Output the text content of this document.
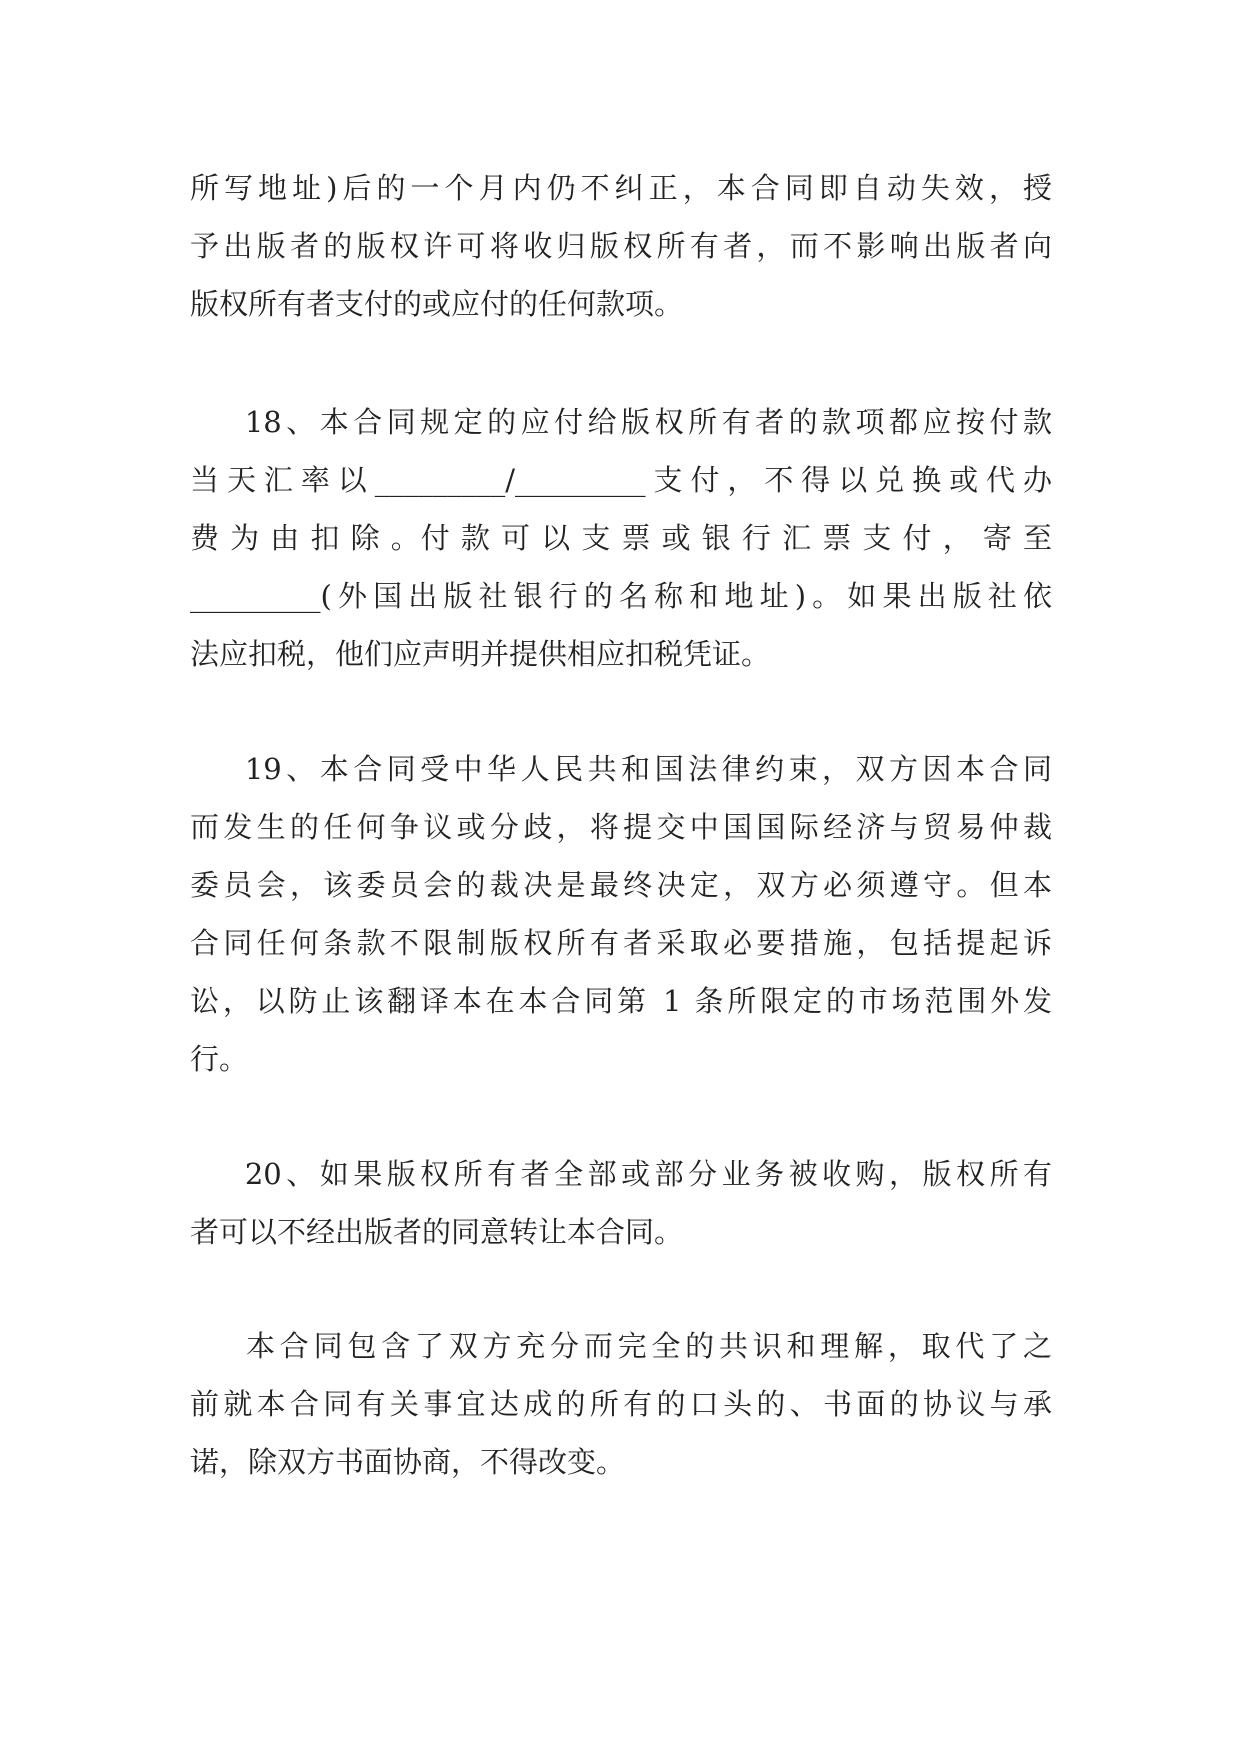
所写地址)后的一个月内仍不纠正，本合同即自动失效，授
予出版者的版权许可将收归版权所有者，而不影响出版者向
版权所有者支付的或应付的任何款项。
18、本合同规定的应付给版权所有者的款项都应按付款
当天汇率以_________/_________支付，不得以兑换或代办
费 为 由 扣 除 。付 款 可 以 支 票 或 银 行 汇 票 支 付 ， 寄 至
_________(外国出版社银行的名称和地址)。如果出版社依
法应扣税，他们应声明并提供相应扣税凭证。
19、本合同受中华人民共和国法律约束，双方因本合同
而发生的任何争议或分歧，将提交中国国际经济与贸易仲裁
委员会，该委员会的裁决是最终决定，双方必须遵守。但本
合同任何条款不限制版权所有者采取必要措施，包括提起诉
讼，以防止该翻译本在本合同第 1 条所限定的市场范围外发
行。
20、如果版权所有者全部或部分业务被收购，版权所有
者可以不经出版者的同意转让本合同。
本合同包含了双方充分而完全的共识和理解，取代了之
前就本合同有关事宜达成的所有的口头的、书面的协议与承
诺，除双方书面协商，不得改变。
